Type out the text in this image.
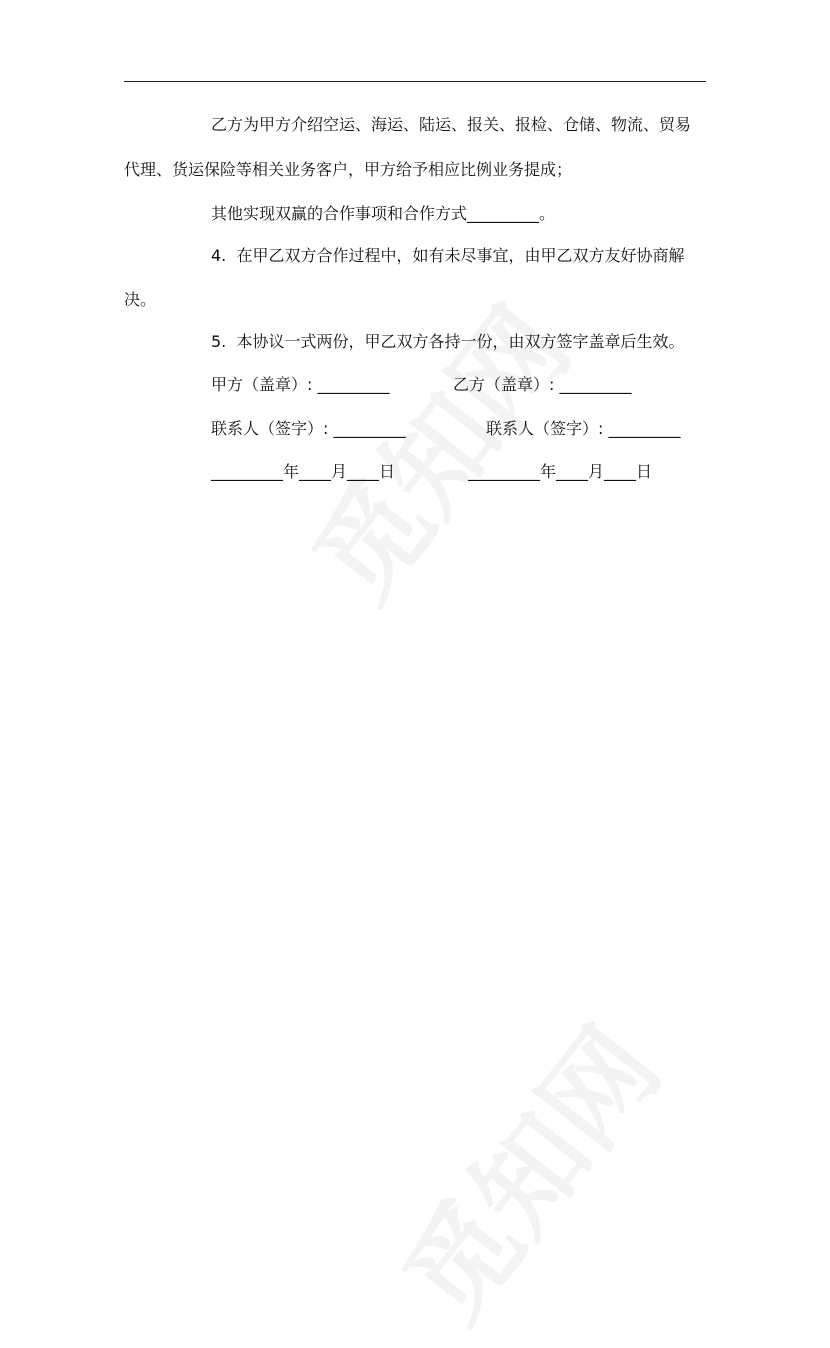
乙方为甲方介绍空运、海运、陆运、报关、报检、仓储、物流、贸易
代理、货运保险等相关业务客户，甲方给予相应比例业务提成；
其他实现双赢的合作事项和合作方式_________。
4.  在甲乙双方合作过程中，如有未尽事宜，由甲乙双方友好协商解
决。
5.  本协议一式两份，甲乙双方各持一份，由双方签字盖章后生效。
甲方（盖章）: _________	乙方（盖章）: _________
联系人（签字）: _________	联系人（签字）: _________
_________年____月____日	_________年____月____日
